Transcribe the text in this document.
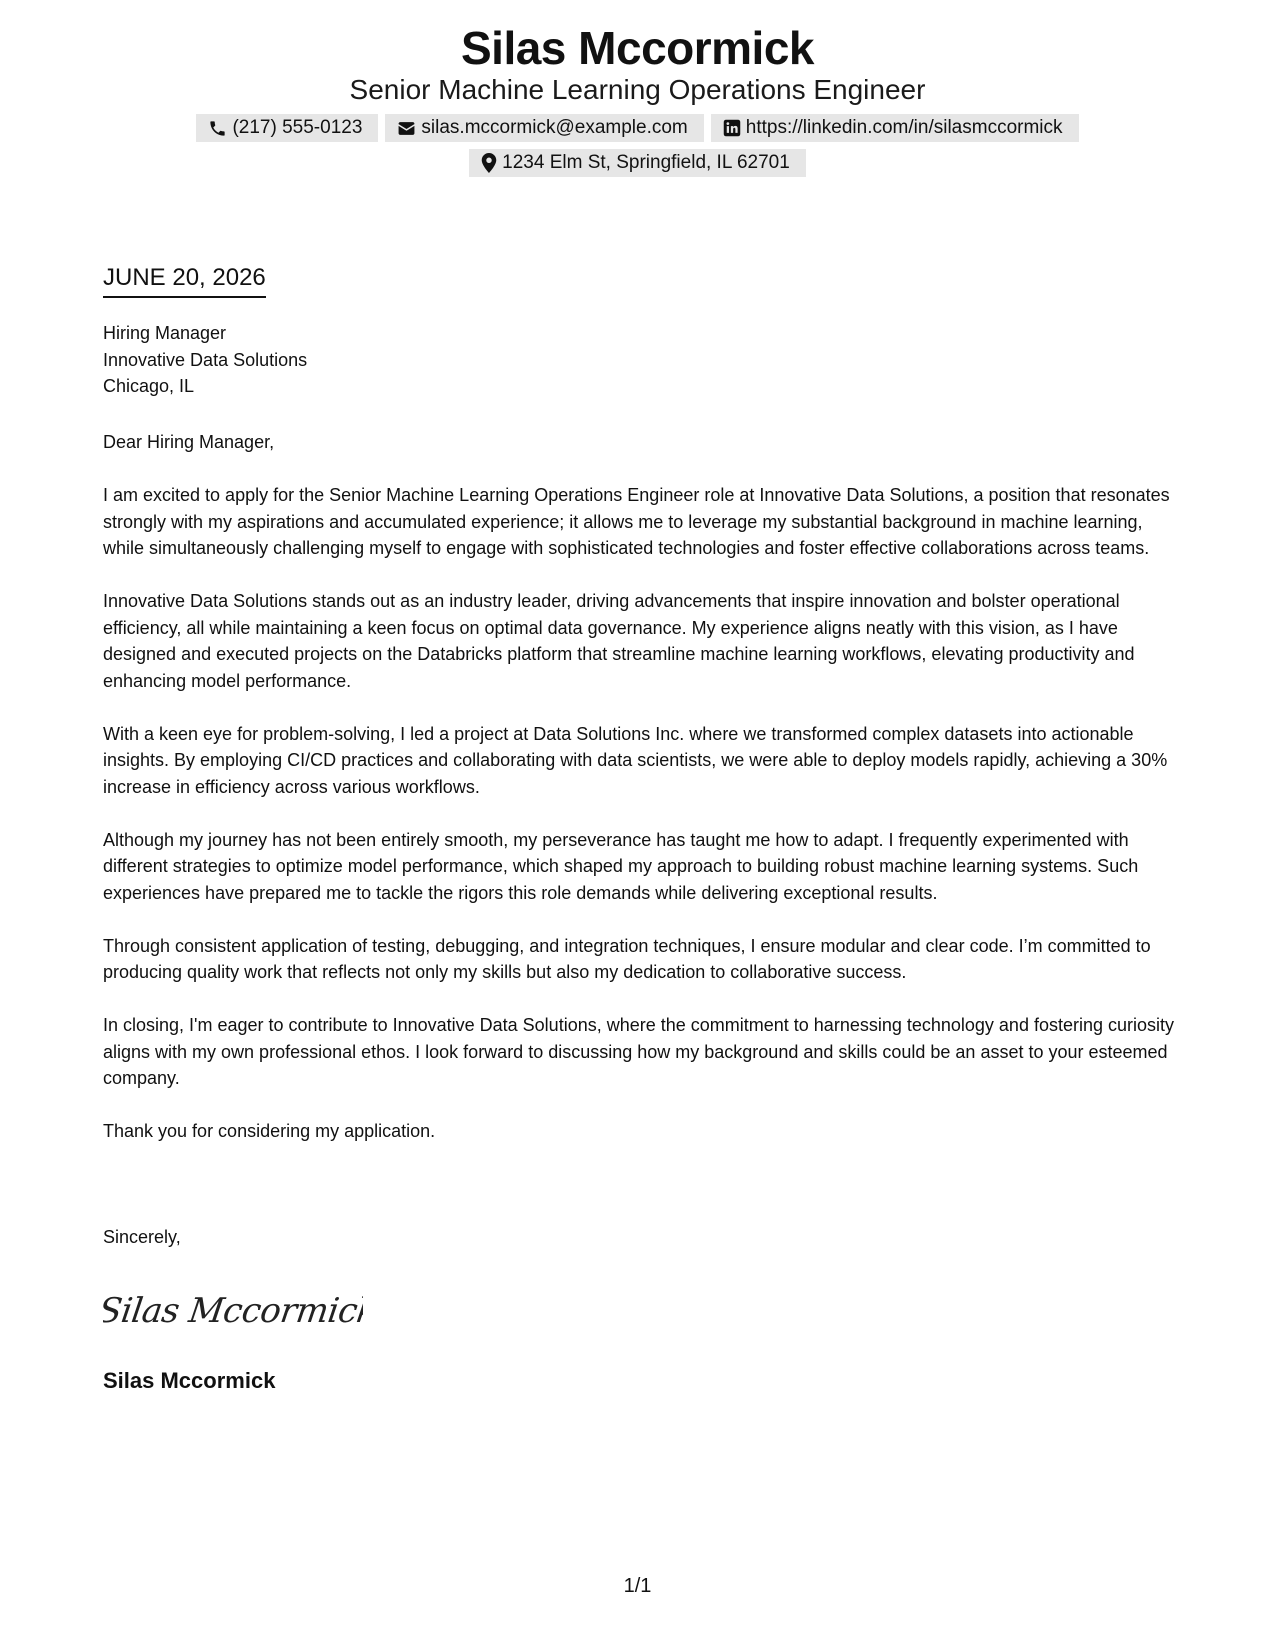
Silas Mccormick
Senior Machine Learning Operations Engineer
(217) 555-0123	silas.mccormick@example.com	https://linkedin.com/in/silasmccormick
1234 Elm St, Springfield, IL 62701
JUNE 20, 2026
Hiring Manager
Innovative Data Solutions
Chicago, IL

Dear Hiring Manager,

I am excited to apply for the Senior Machine Learning Operations Engineer role at Innovative Data Solutions, a position that resonates strongly with my aspirations and accumulated experience; it allows me to leverage my substantial background in machine learning, while simultaneously challenging myself to engage with sophisticated technologies and foster effective collaborations across teams.

Innovative Data Solutions stands out as an industry leader, driving advancements that inspire innovation and bolster operational efficiency, all while maintaining a keen focus on optimal data governance. My experience aligns neatly with this vision, as I have designed and executed projects on the Databricks platform that streamline machine learning workflows, elevating productivity and enhancing model performance.

With a keen eye for problem-solving, I led a project at Data Solutions Inc. where we transformed complex datasets into actionable insights. By employing CI/CD practices and collaborating with data scientists, we were able to deploy models rapidly, achieving a 30% increase in efficiency across various workflows.

Although my journey has not been entirely smooth, my perseverance has taught me how to adapt. I frequently experimented with different strategies to optimize model performance, which shaped my approach to building robust machine learning systems. Such experiences have prepared me to tackle the rigors this role demands while delivering exceptional results.

Through consistent application of testing, debugging, and integration techniques, I ensure modular and clear code. I’m committed to producing quality work that reflects not only my skills but also my dedication to collaborative success.

In closing, I'm eager to contribute to Innovative Data Solutions, where the commitment to harnessing technology and fostering curiosity aligns with my own professional ethos. I look forward to discussing how my background and skills could be an asset to your esteemed company.

Thank you for considering my application.

Sincerely,
Silas Mccormick
Silas Mccormick
1/1
